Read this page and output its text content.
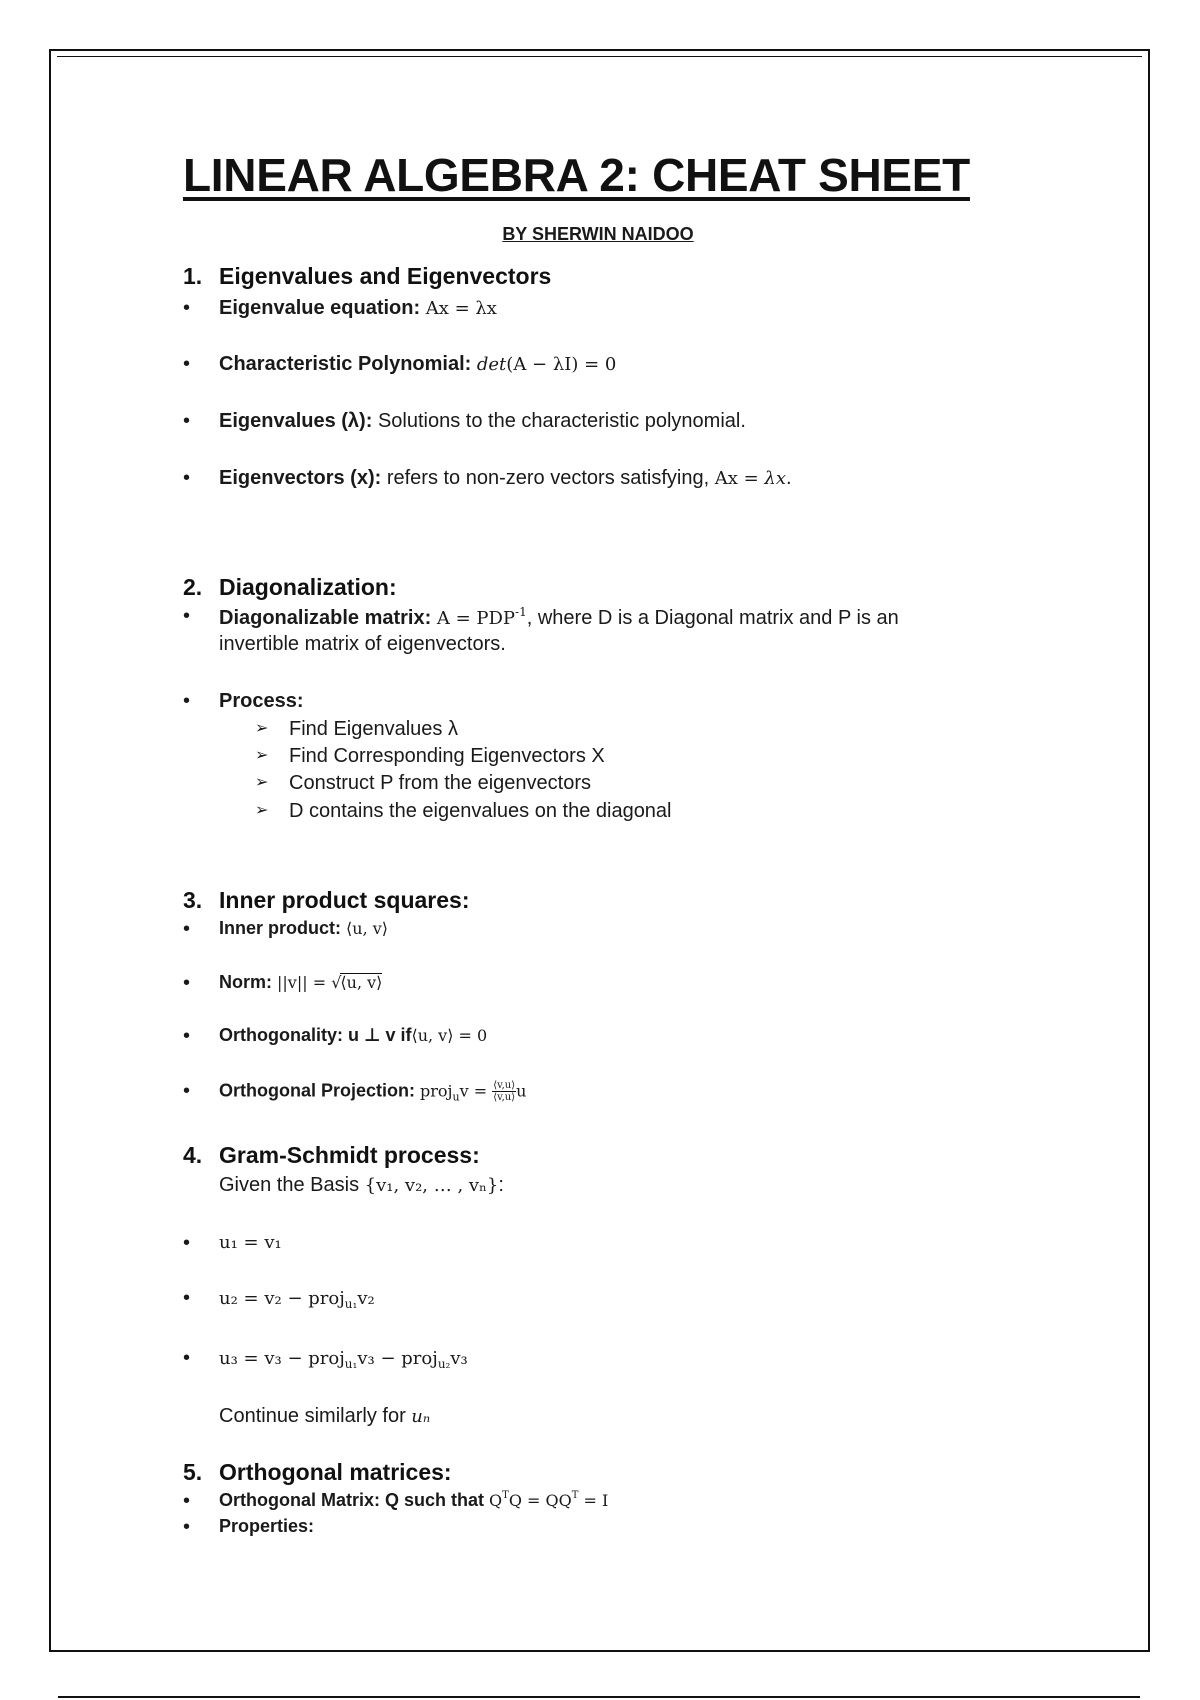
LINEAR ALGEBRA 2: CHEAT SHEET
BY SHERWIN NAIDOO
1. Eigenvalues and Eigenvectors
• Eigenvalue equation: Ax = λx
• Characteristic Polynomial: det(A − λI) = 0
• Eigenvalues (λ): Solutions to the characteristic polynomial.
• Eigenvectors (x): refers to non-zero vectors satisfying, Ax = λx.
2. Diagonalization:
• Diagonalizable matrix: $A = PDP^{-1}$, where D is a Diagonal matrix and P is an
invertible matrix of eigenvectors.
• Process:
➢ Find Eigenvalues λ
➢ Find Corresponding Eigenvectors X
➢ Construct P from the eigenvectors
➢ D contains the eigenvalues on the diagonal
3. Inner product squares:
• Inner product: ⟨u, v⟩
• Norm: ||v|| = √⟨u, v⟩
• Orthogonality: u ⊥ v if⟨u, v⟩ = 0
• Orthogonal Projection: proj$_u$v = $\frac{⟨v,u⟩}{⟨v,u⟩}$ u
4. Gram-Schmidt process:
Given the Basis {v₁, v₂, … , vₙ}:
• u₁ = v₁
• u₂ = v₂ − proj$_{u_1}$v₂
• u₃ = v₃ − proj$_{u_1}$v₃ − proj$_{u_2}$v₃
Continue similarly for uₙ
5. Orthogonal matrices:
• Orthogonal Matrix: Q such that $Q^TQ = QQ^T = I$
• Properties:
